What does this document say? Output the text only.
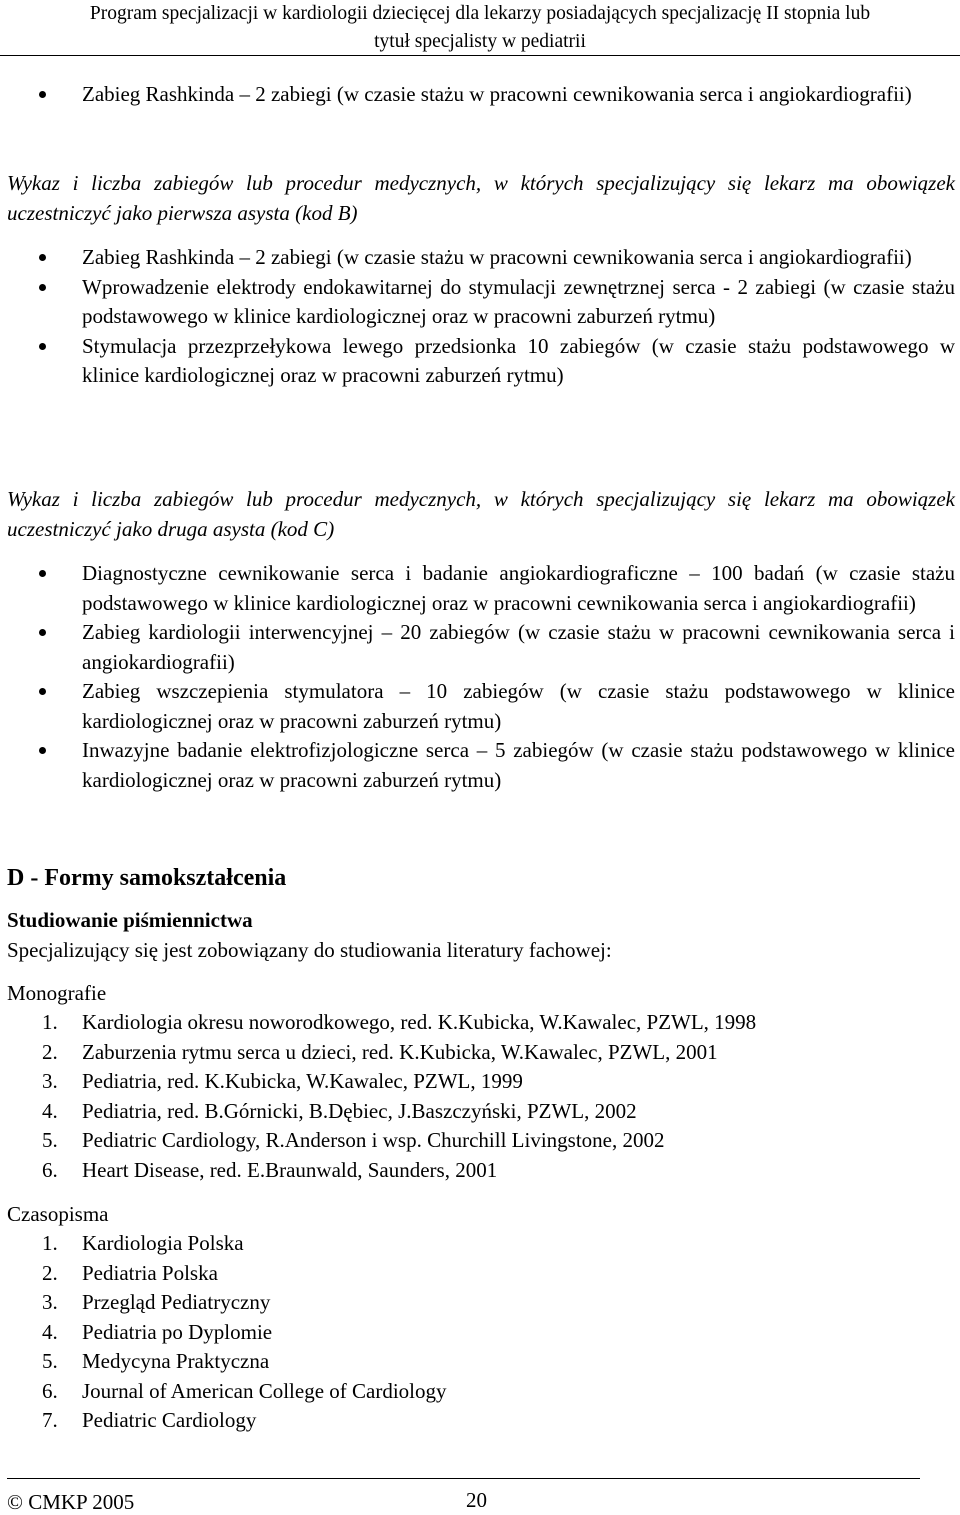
Program specjalizacji w kardiologii dziecięcej dla lekarzy posiadających specjalizację II stopnia lub
tytuł specjalisty w pediatrii
Zabieg Rashkinda – 2 zabiegi (w czasie stażu w pracowni cewnikowania serca i angiokardiografii)
Wykaz i liczba zabiegów lub procedur medycznych, w których specjalizujący się lekarz ma obowiązek uczestniczyć jako pierwsza asysta (kod B)
Zabieg Rashkinda – 2 zabiegi (w czasie stażu w pracowni cewnikowania serca i angiokardiografii)
Wprowadzenie elektrody endokawitarnej do stymulacji zewnętrznej serca - 2 zabiegi (w czasie stażu podstawowego w klinice kardiologicznej oraz w pracowni zaburzeń rytmu)
Stymulacja przezprzełykowa lewego przedsionka 10 zabiegów (w czasie stażu podstawowego w klinice kardiologicznej oraz w pracowni zaburzeń rytmu)
Wykaz i liczba zabiegów lub procedur medycznych, w których specjalizujący się lekarz ma obowiązek uczestniczyć jako druga asysta (kod C)
Diagnostyczne cewnikowanie serca i badanie angiokardiograficzne – 100 badań (w czasie stażu podstawowego w klinice kardiologicznej oraz w pracowni cewnikowania serca i angiokardiografii)
Zabieg kardiologii interwencyjnej – 20 zabiegów (w czasie stażu w pracowni cewnikowania serca i angiokardiografii)
Zabieg wszczepienia stymulatora – 10 zabiegów (w czasie stażu podstawowego w klinice kardiologicznej oraz w pracowni zaburzeń rytmu)
Inwazyjne badanie elektrofizjologiczne serca – 5 zabiegów (w czasie stażu podstawowego w klinice kardiologicznej oraz w pracowni zaburzeń rytmu)
D - Formy samokształcenia
Studiowanie piśmiennictwa
Specjalizujący się jest zobowiązany do studiowania literatury fachowej:
Monografie
1. Kardiologia okresu noworodkowego, red. K.Kubicka, W.Kawalec, PZWL, 1998
2. Zaburzenia rytmu serca u dzieci, red. K.Kubicka, W.Kawalec, PZWL, 2001
3. Pediatria, red. K.Kubicka, W.Kawalec, PZWL, 1999
4. Pediatria, red. B.Górnicki, B.Dębiec, J.Baszczyński, PZWL, 2002
5. Pediatric Cardiology, R.Anderson i wsp. Churchill Livingstone, 2002
6. Heart Disease, red. E.Braunwald, Saunders, 2001
Czasopisma
1. Kardiologia Polska
2. Pediatria Polska
3. Przegląd Pediatryczny
4. Pediatria po Dyplomie
5. Medycyna Praktyczna
6. Journal of American College of Cardiology
7. Pediatric Cardiology
© CMKP 2005	20
